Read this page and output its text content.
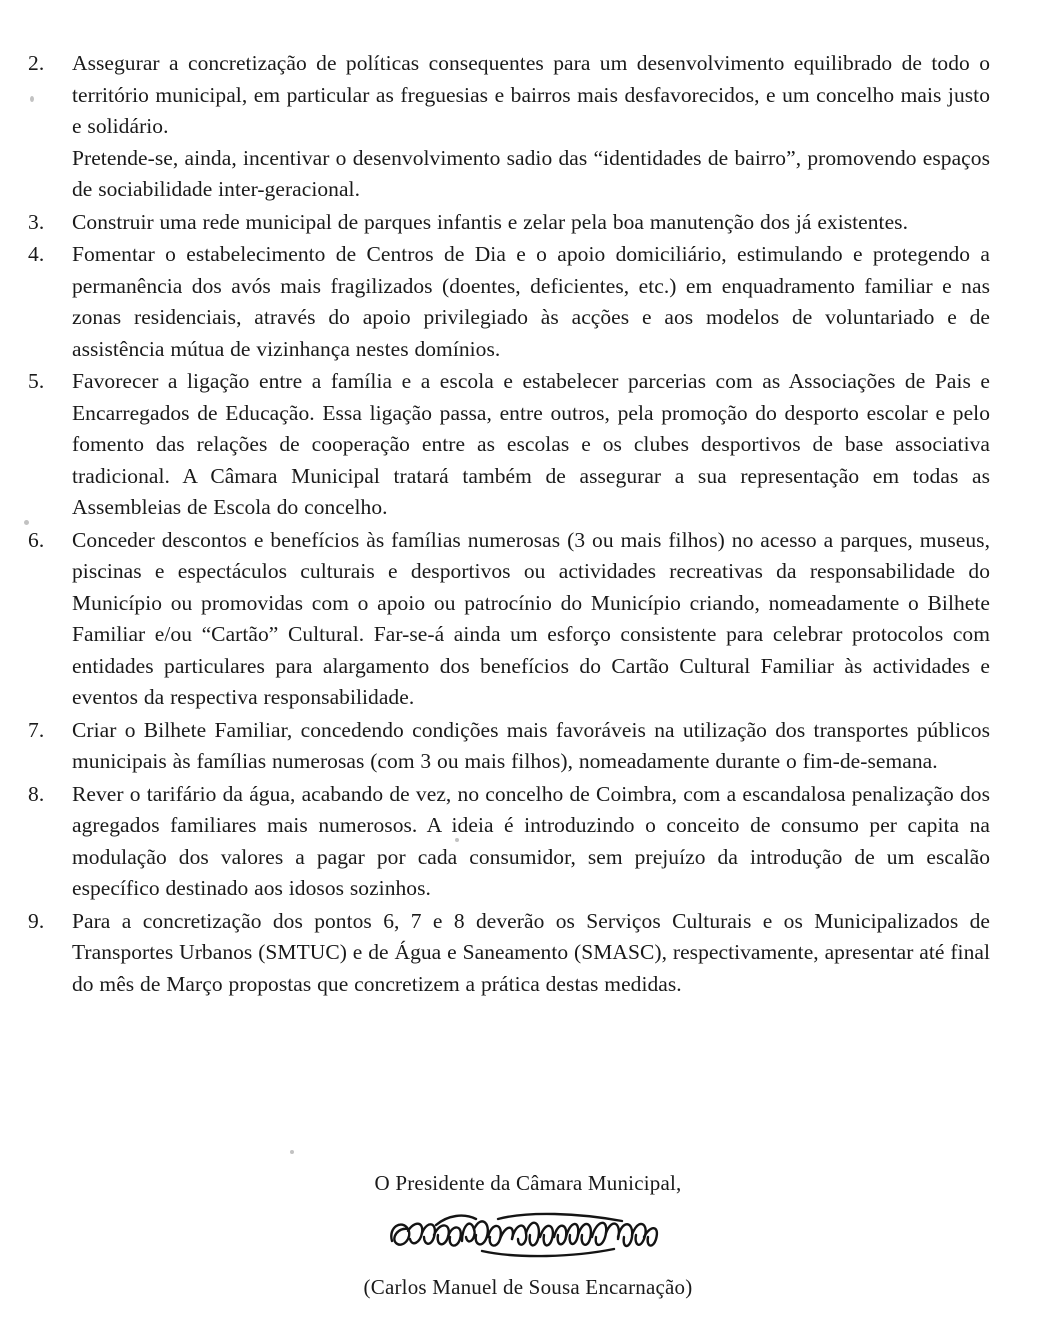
2.	Assegurar a concretização de políticas consequentes para um desenvolvimento equilibrado de todo o território municipal, em particular as freguesias e bairros mais desfavorecidos, e um concelho mais justo e solidário.

Pretende-se, ainda, incentivar o desenvolvimento sadio das “identidades de bairro”, promovendo espaços de sociabilidade inter-geracional.

3.	Construir uma rede municipal de parques infantis e zelar pela boa manutenção dos já existentes.

4.	Fomentar o estabelecimento de Centros de Dia e o apoio domiciliário, estimulando e protegendo a permanência dos avós mais fragilizados (doentes, deficientes, etc.) em enquadramento familiar e nas zonas residenciais, através do apoio privilegiado às acções e aos modelos de voluntariado e de assistência mútua de vizinhança nestes domínios.

5.	Favorecer a ligação entre a família e a escola e estabelecer parcerias com as Associações de Pais e Encarregados de Educação. Essa ligação passa, entre outros, pela promoção do desporto escolar e pelo fomento das relações de cooperação entre as escolas e os clubes desportivos de base associativa tradicional. A Câmara Municipal tratará também de assegurar a sua representação em todas as Assembleias de Escola do concelho.

6.	Conceder descontos e benefícios às famílias numerosas (3 ou mais filhos) no acesso a parques, museus, piscinas e espectáculos culturais e desportivos ou actividades recreativas da responsabilidade do Município ou promovidas com o apoio ou patrocínio do Município criando, nomeadamente o Bilhete Familiar e/ou “Cartão” Cultural. Far-se-á ainda um esforço consistente para celebrar protocolos com entidades particulares para alargamento dos benefícios do Cartão Cultural Familiar às actividades e eventos da respectiva responsabilidade.

7.	Criar o Bilhete Familiar, concedendo condições mais favoráveis na utilização dos transportes públicos municipais às famílias numerosas (com 3 ou mais filhos), nomeadamente durante o fim-de-semana.

8.	Rever o tarifário da água, acabando de vez, no concelho de Coimbra, com a escandalosa penalização dos agregados familiares mais numerosos. A ideia é introduzindo o conceito de consumo per capita na modulação dos valores a pagar por cada consumidor, sem prejuízo da introdução de um escalão específico destinado aos idosos sozinhos.

9.	Para a concretização dos pontos 6, 7 e 8 deverão os Serviços Culturais e os Municipalizados de Transportes Urbanos (SMTUC) e de Água e Saneamento (SMASC), respectivamente, apresentar até final do mês de Março propostas que concretizem a prática destas medidas.

O Presidente da Câmara Municipal,
(Carlos Manuel de Sousa Encarnação)
